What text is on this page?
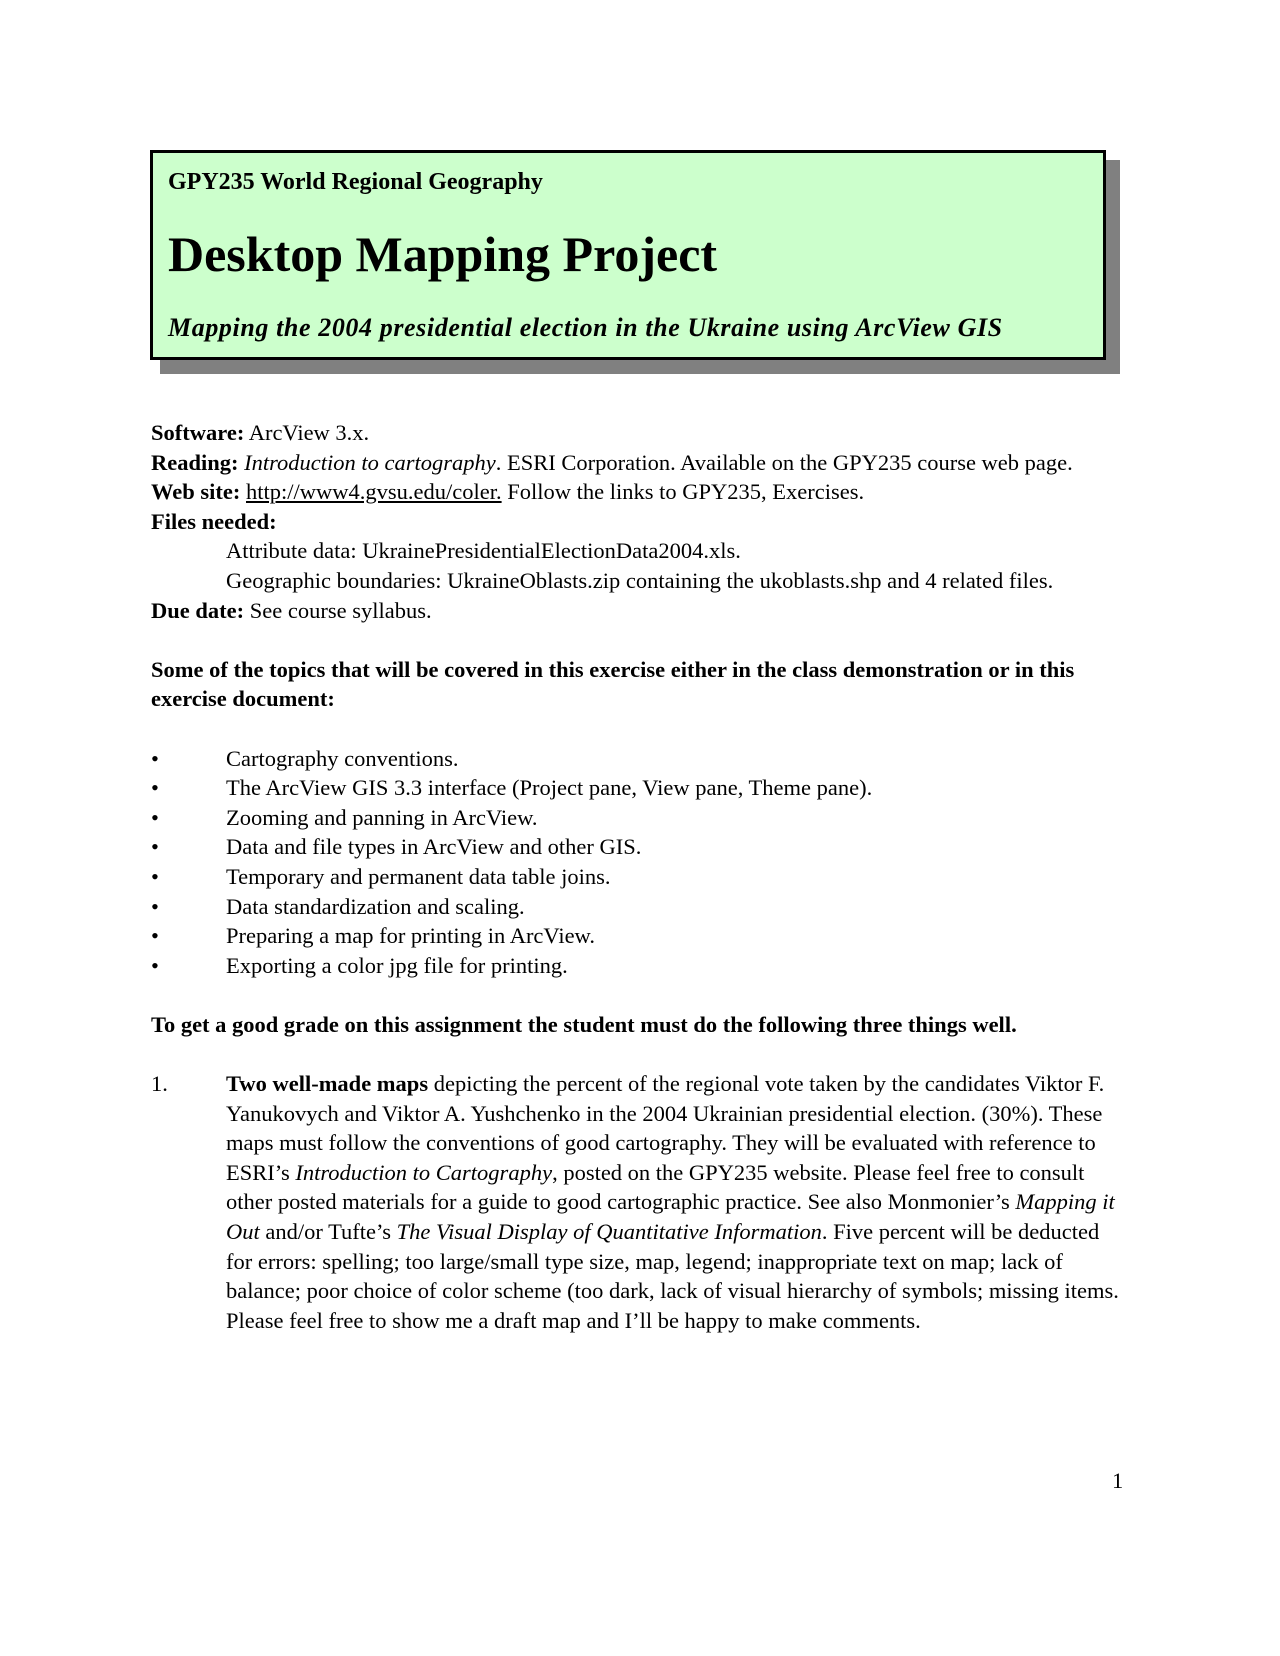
GPY235 World Regional Geography
Desktop Mapping Project
Mapping the 2004 presidential election in the Ukraine using ArcView GIS

Software: ArcView 3.x.

Reading: Introduction to cartography. ESRI Corporation. Available on the GPY235 course web page.

Web site: http://www4.gvsu.edu/coler. Follow the links to GPY235, Exercises.

Files needed:

Attribute data: UkrainePresidentialElectionData2004.xls.

Geographic boundaries: UkraineOblasts.zip containing the ukoblasts.shp and 4 related files.

Due date: See course syllabus.

Some of the topics that will be covered in this exercise either in the class demonstration or in this exercise document:

•	Cartography conventions.
•	The ArcView GIS 3.3 interface (Project pane, View pane, Theme pane).
•	Zooming and panning in ArcView.
•	Data and file types in ArcView and other GIS.
•	Temporary and permanent data table joins.
•	Data standardization and scaling.
•	Preparing a map for printing in ArcView.
•	Exporting a color jpg file for printing.

To get a good grade on this assignment the student must do the following three things well.

1.	Two well-made maps depicting the percent of the regional vote taken by the candidates Viktor F. Yanukovych and Viktor A. Yushchenko in the 2004 Ukrainian presidential election. (30%). These maps must follow the conventions of good cartography. They will be evaluated with reference to ESRI’s Introduction to Cartography, posted on the GPY235 website. Please feel free to consult other posted materials for a guide to good cartographic practice. See also Monmonier’s Mapping it Out and/or Tufte’s The Visual Display of Quantitative Information. Five percent will be deducted for errors: spelling; too large/small type size, map, legend; inappropriate text on map; lack of balance; poor choice of color scheme (too dark, lack of visual hierarchy of symbols; missing items. Please feel free to show me a draft map and I’ll be happy to make comments.

1
